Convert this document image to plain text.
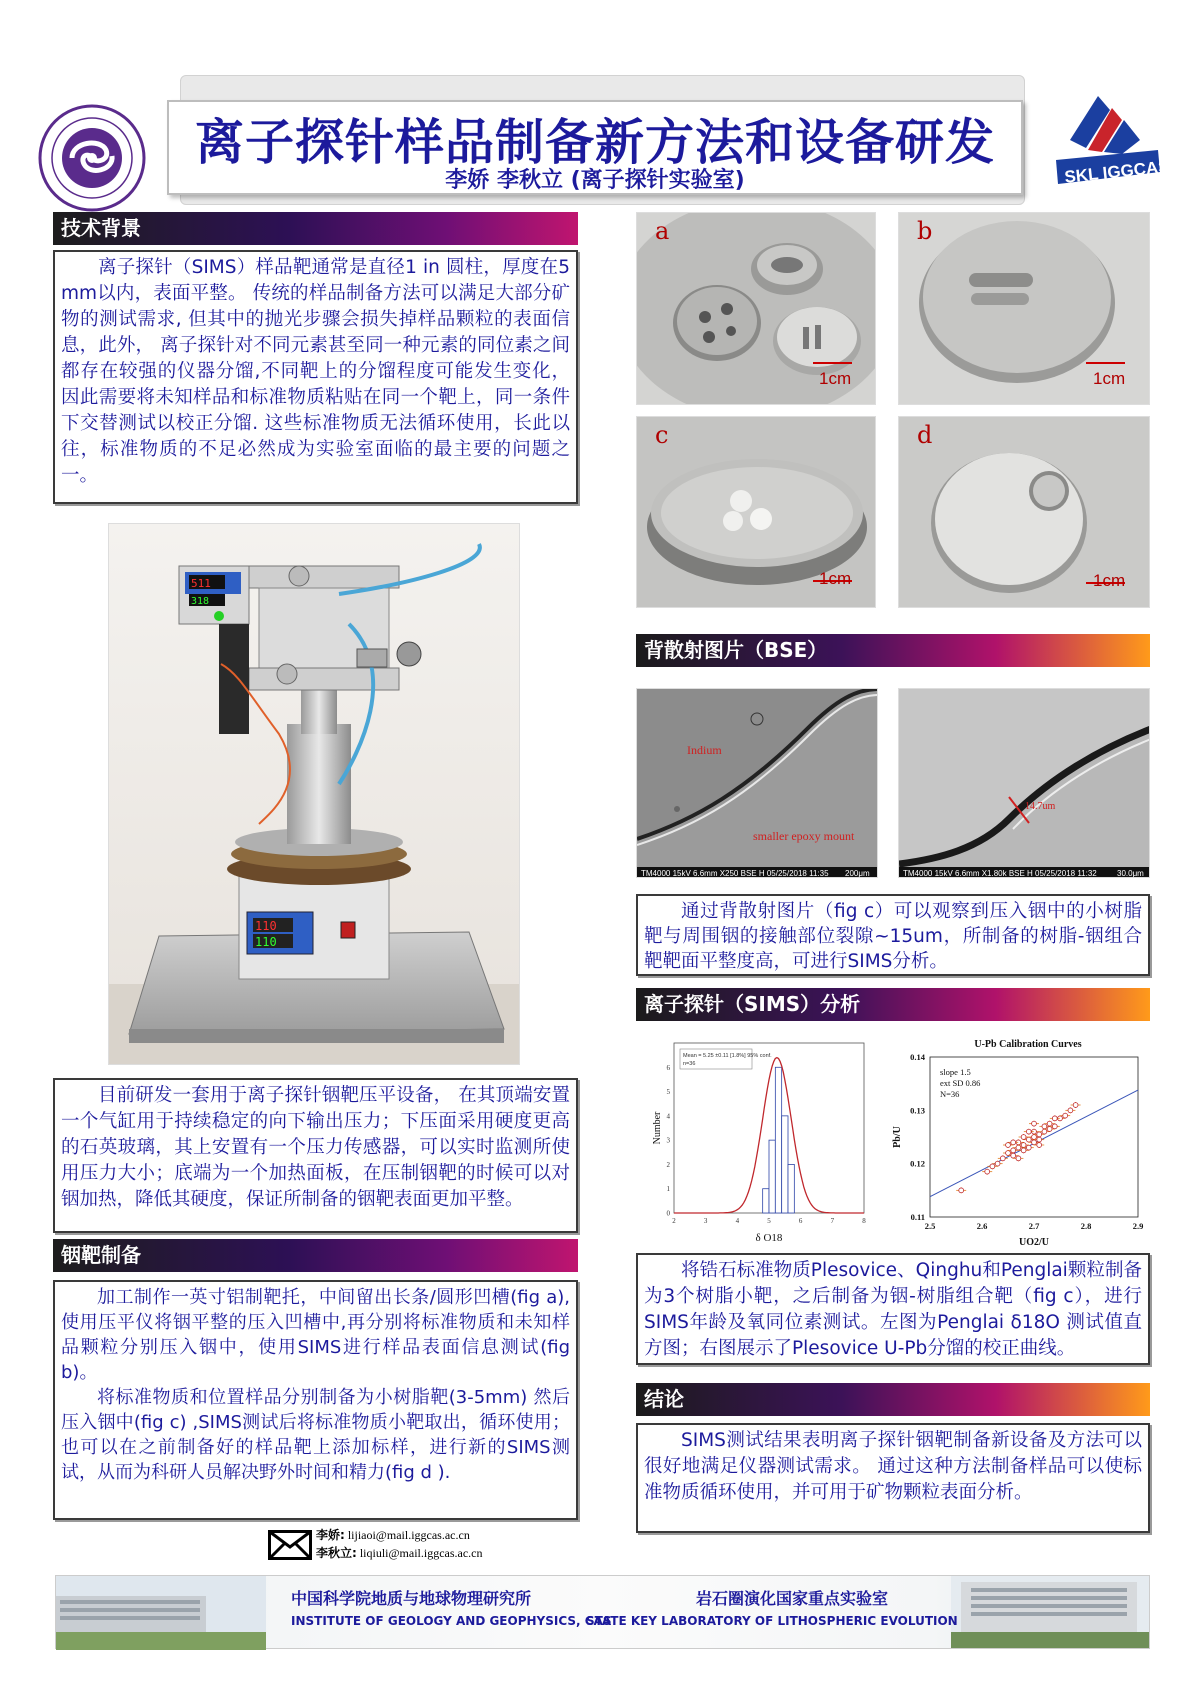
离子探针样品制备新方法和设备研发
李娇 李秋立 (离子探针实验室)	SKL IGGCAS
技术背景

离子探针（SIMS）样品靶通常是直径1 in 圆柱，厚度在5 mm以内，表面平整。 传统的样品制备方法可以满足大部分矿物的测试需求, 但其中的抛光步骤会损失掉样品颗粒的表面信息，此外， 离子探针对不同元素甚至同一种元素的同位素之间都存在较强的仪器分馏,不同靶上的分馏程度可能发生变化， 因此需要将未知样品和标准物质粘贴在同一个靶上，同一条件下交替测试以校正分馏. 这些标准物质无法循环使用，长此以往，标准物质的不足必然成为实验室面临的最主要的问题之一。

110
110
511
318

目前研发一套用于离子探针铟靶压平设备， 在其顶端安置一个气缸用于持续稳定的向下输出压力；下压面采用硬度更高的石英玻璃，其上安置有一个压力传感器，可以实时监测所使用压力大小；底端为一个加热面板，在压制铟靶的时候可以对铟加热，降低其硬度，保证所制备的铟靶表面更加平整。

铟靶制备

加工制作一英寸铝制靶托，中间留出长条/圆形凹槽(fig a), 使用压平仪将铟平整的压入凹槽中,再分别将标准物质和未知样品颗粒分别压入铟中，使用SIMS进行样品表面信息测试(fig b)。

将标准物质和位置样品分别制备为小树脂靶(3-5mm) 然后压入铟中(fig c) ,SIMS测试后将标准物质小靶取出，循环使用； 也可以在之前制备好的样品靶上添加标样，进行新的SIMS测试，从而为科研人员解决野外时间和精力(fig d ).

李娇: lijiaoi@mail.iggcas.ac.cn
李秋立: liqiuli@mail.iggcas.ac.cn
a
1cm
b
1cm
c
1cm
d
1cm
背散射图片（BSE）
Indium
smaller epoxy mount
TM4000 15kV 6.6mm X250 BSE H 05/25/2018 11:35 200μm
14.7um
TM4000 15kV 6.6mm X1.80k BSE H 05/25/2018 11:32	30.0μm

通过背散射图片（fig c）可以观察到压入铟中的小树脂靶与周围铟的接触部位裂隙~15um，所制备的树脂-铟组合靶靶面平整度高，可进行SIMS分析。

离子探针（SIMS）分析
Mean = 5.25 ±0.11 [1.8%] 95% conf.
n=36
2	3	4	5	6	7	8
0
1
2
3
4
5
6
δ O18
Number
U-Pb Calibration Curves
slope 1.5
ext SD 0.86
N=36
2.5	2.6	2.7	2.8	2.9
0.11
0.12
0.13
0.14
UO2/U
Pb/U

将锆石标准物质Plesovice、Qinghu和Penglai颗粒制备为3个树脂小靶，之后制备为铟-树脂组合靶（fig c），进行SIMS年龄及氧同位素测试。左图为Penglai δ18O 测试值直方图；右图展示了Plesovice U-Pb分馏的校正曲线。

结论

SIMS测试结果表明离子探针铟靶制备新设备及方法可以很好地满足仪器测试需求。 通过这种方法制备样品可以使标准物质循环使用，并可用于矿物颗粒表面分析。

中国科学院地质与地球物理研究所
INSTITUTE OF GEOLOGY AND GEOPHYSICS, CAS
岩石圈演化国家重点实验室
STATE KEY LABORATORY OF LITHOSPHERIC EVOLUTION
